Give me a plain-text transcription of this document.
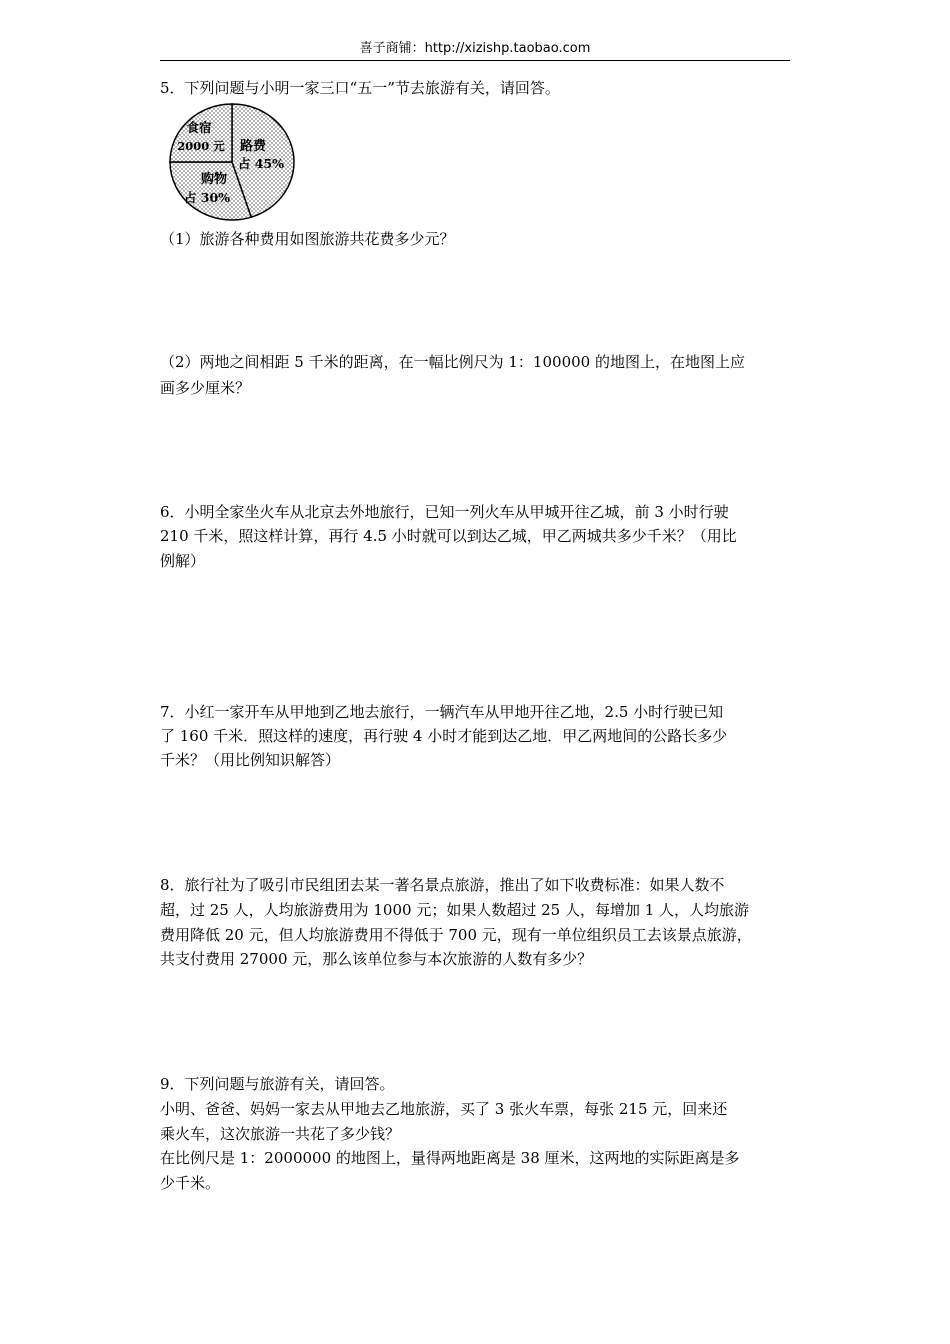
喜子商铺：http://xizishp.taobao.com
5．下列问题与小明一家三口“五一”节去旅游有关，请回答。
路费
占 45%
购物
占 30%
食宿
2000 元
（1）旅游各种费用如图旅游共花费多少元？
（2）两地之间相距 5 千米的距离，在一幅比例尺为 1：100000 的地图上，在地图上应
画多少厘米？
6．小明全家坐火车从北京去外地旅行，已知一列火车从甲城开往乙城，前 3 小时行驶
210 千米，照这样计算，再行 4.5 小时就可以到达乙城，甲乙两城共多少千米？（用比
例解）
7．小红一家开车从甲地到乙地去旅行，一辆汽车从甲地开往乙地，2.5 小时行驶已知
了 160 千米．照这样的速度，再行驶 4 小时才能到达乙地．甲乙两地间的公路长多少
千米？（用比例知识解答）
8．旅行社为了吸引市民组团去某一著名景点旅游，推出了如下收费标准：如果人数不
超，过 25 人，人均旅游费用为 1000 元；如果人数超过 25 人，每增加 1 人，人均旅游
费用降低 20 元，但人均旅游费用不得低于 700 元，现有一单位组织员工去该景点旅游，
共支付费用 27000 元，那么该单位参与本次旅游的人数有多少？
9．下列问题与旅游有关，请回答。
小明、爸爸、妈妈一家去从甲地去乙地旅游，买了 3 张火车票，每张 215 元，回来还
乘火车，这次旅游一共花了多少钱？
在比例尺是 1：2000000 的地图上，量得两地距离是 38 厘米，这两地的实际距离是多
少千米。
